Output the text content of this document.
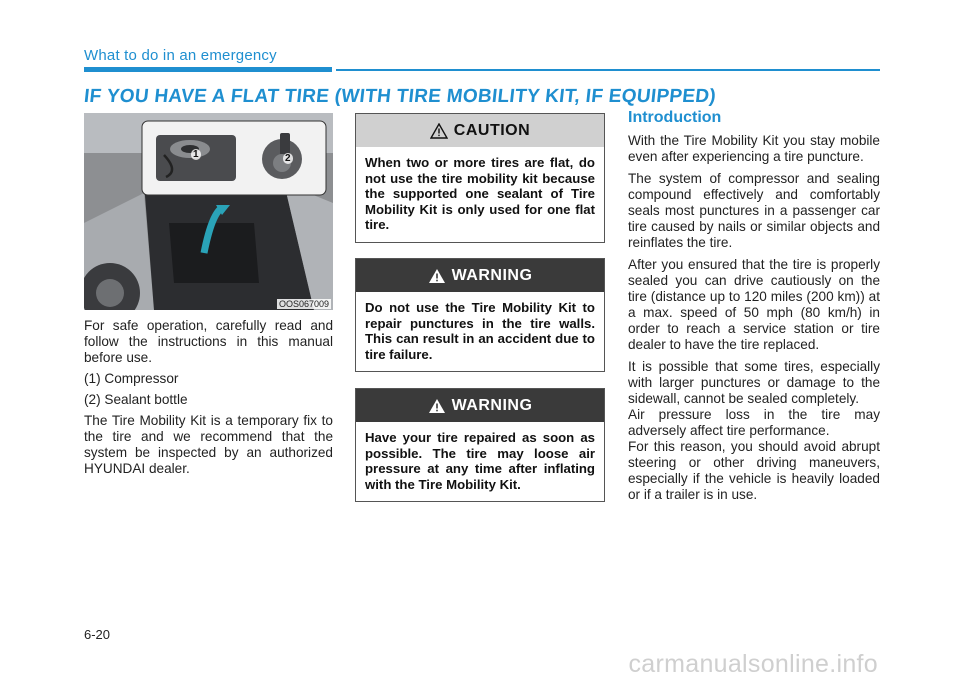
What to do in an emergency
IF YOU HAVE A FLAT TIRE (WITH TIRE MOBILITY KIT, IF EQUIPPED)
1	2
OOS067009

For safe operation, carefully read and follow the instructions in this manual before use.

(1) Compressor

(2) Sealant bottle

The Tire Mobility Kit is a temporary fix to the tire and we recommend that the system be inspected by an authorized HYUNDAI dealer.

CAUTION
When two or more tires are flat, do not use the tire mobility kit because the supported one sealant of Tire Mobility Kit is only used for one flat tire.
WARNING
Do not use the Tire Mobility Kit to repair punctures in the tire walls. This can result in an accident due to tire failure.
WARNING
Have your tire repaired as soon as possible. The tire may loose air pressure at any time after inflating with the Tire Mobility Kit.
Introduction

With the Tire Mobility Kit you stay mobile even after experiencing a tire puncture.

The system of compressor and sealing compound effectively and comfortably seals most punctures in a passenger car tire caused by nails or similar objects and reinflates the tire.

After you ensured that the tire is properly sealed you can drive cautiously on the tire (distance up to 120 miles (200 km)) at a max. speed of 50 mph (80 km/h) in order to reach a service station or tire dealer to have the tire replaced.

It is possible that some tires, especially with larger punctures or damage to the sidewall, cannot be sealed completely.

Air pressure loss in the tire may adversely affect tire performance.

For this reason, you should avoid abrupt steering or other driving maneuvers, especially if the vehicle is heavily loaded or if a trailer is in use.

6-20
carmanualsonline.info
